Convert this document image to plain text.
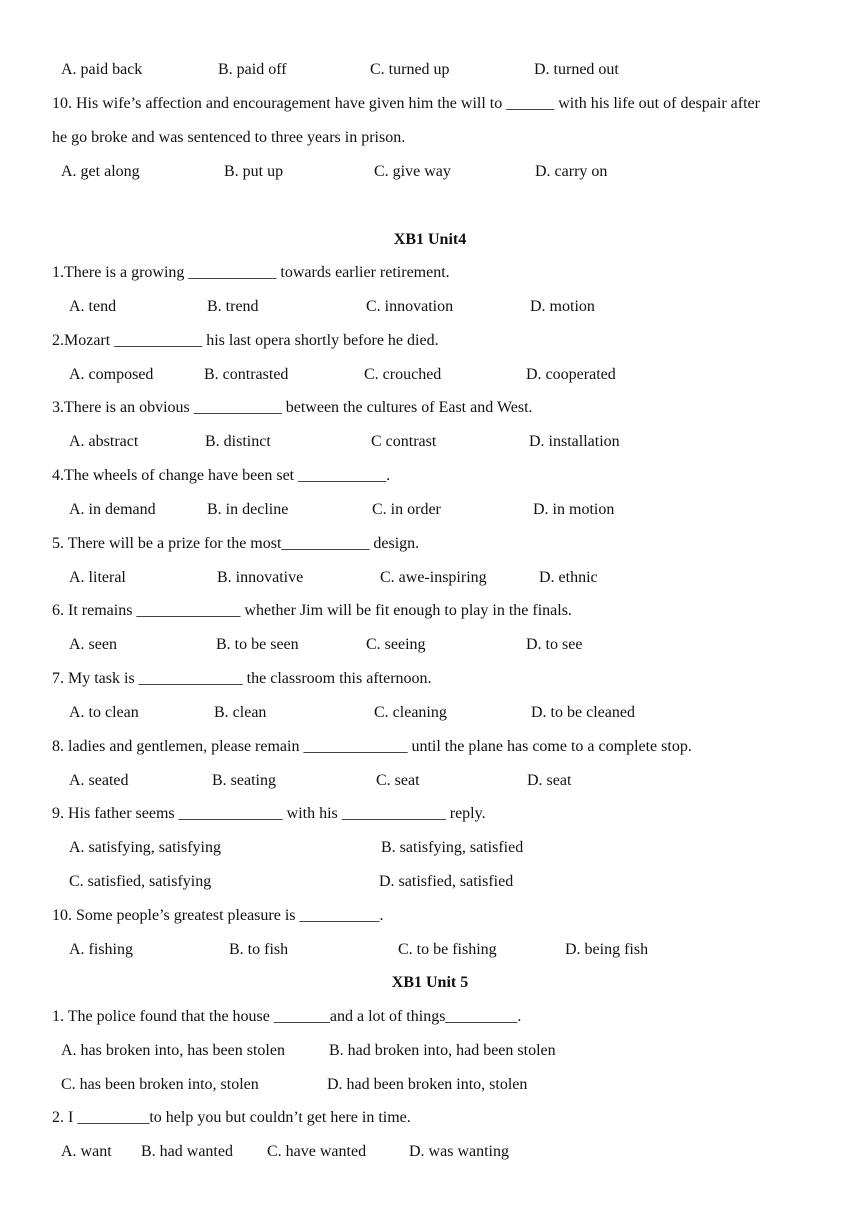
A. paid back	B. paid off	C. turned up	D. turned out
10. His wife’s affection and encouragement have given him the will to ______ with his life out of despair after
he go broke and was sentenced to three years in prison.
A. get along	B. put up	C. give way	D. carry on
XB1 Unit4
1.There is a growing ___________ towards earlier retirement.
A. tend	B. trend	C. innovation	D. motion
2.Mozart ___________ his last opera shortly before he died.
A. composed	B. contrasted	C. crouched	D. cooperated
3.There is an obvious ___________ between the cultures of East and West.
A. abstract	B. distinct	C contrast	D. installation
4.The wheels of change have been set ___________.
A. in demand	B. in decline	C. in order	D. in motion
5. There will be a prize for the most___________ design.
A. literal	B. innovative	C. awe-inspiring	D. ethnic
6. It remains _____________ whether Jim will be fit enough to play in the finals.
A. seen	B. to be seen	C. seeing	D. to see
7. My task is _____________ the classroom this afternoon.
A. to clean	B. clean	C. cleaning	D. to be cleaned
8. ladies and gentlemen, please remain _____________ until the plane has come to a complete stop.
A. seated	B. seating	C. seat	D. seat
9. His father seems _____________ with his _____________ reply.
A. satisfying, satisfying	B. satisfying, satisfied
C. satisfied, satisfying	D. satisfied, satisfied
10. Some people’s greatest pleasure is __________.
A. fishing	B. to fish	C. to be fishing	D. being fish
XB1 Unit 5
1. The police found that the house _______and a lot of things_________.
A. has broken into, has been stolen	B. had broken into, had been stolen
C. has been broken into, stolen	D. had been broken into, stolen
2. I _________to help you but couldn’t get here in time.
A. want B. had wanted C. have wanted	D. was wanting
